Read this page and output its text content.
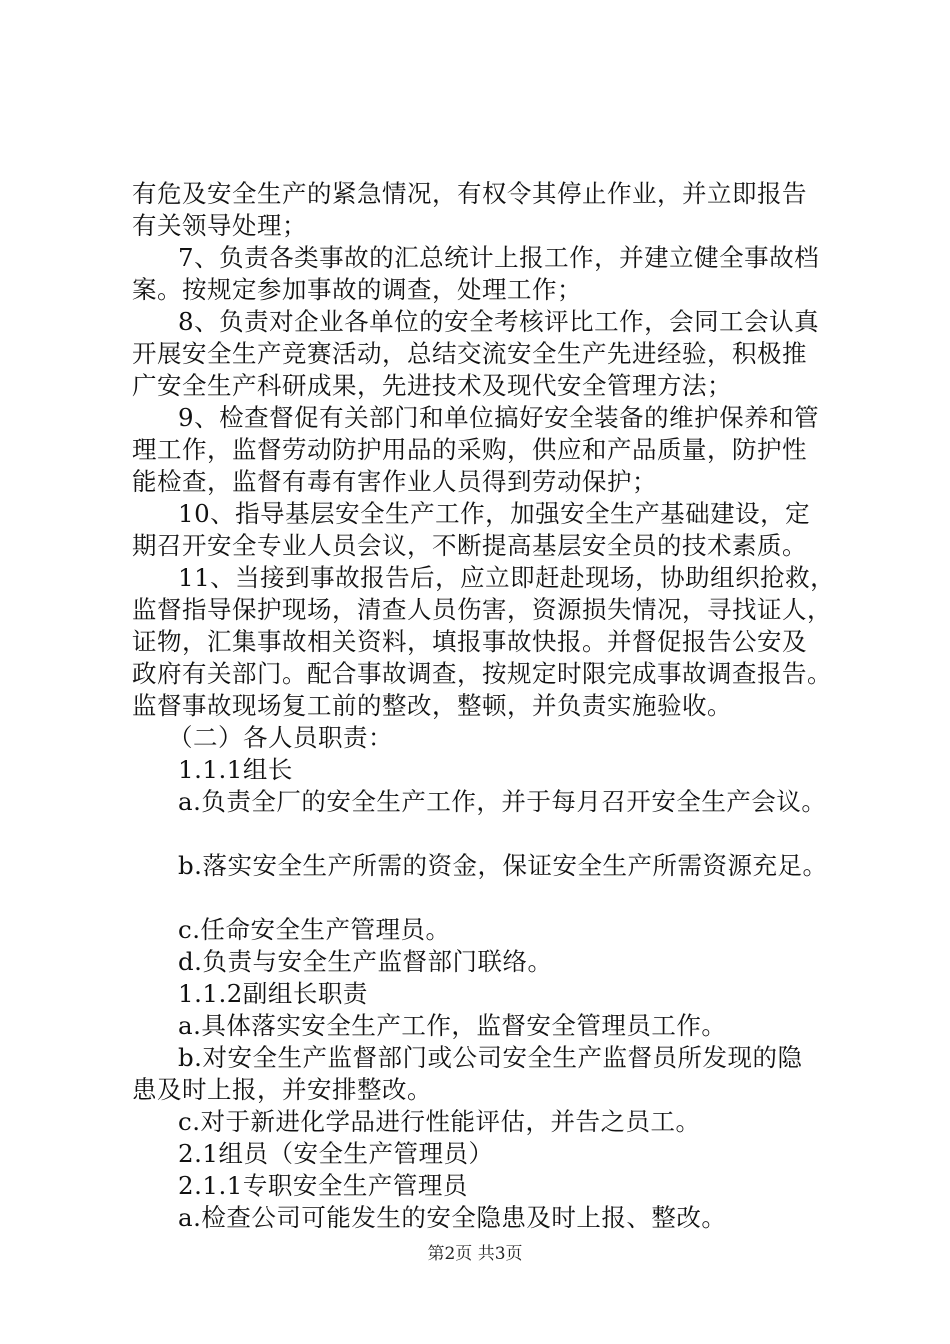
有危及安全生产的紧急情况，有权令其停止作业，并立即报告
有关领导处理；
7、负责各类事故的汇总统计上报工作，并建立健全事故档
案。按规定参加事故的调查，处理工作；
8、负责对企业各单位的安全考核评比工作，会同工会认真
开展安全生产竞赛活动，总结交流安全生产先进经验，积极推
广安全生产科研成果，先进技术及现代安全管理方法；
9、检查督促有关部门和单位搞好安全装备的维护保养和管
理工作，监督劳动防护用品的采购，供应和产品质量，防护性
能检查，监督有毒有害作业人员得到劳动保护；
10、指导基层安全生产工作，加强安全生产基础建设，定
期召开安全专业人员会议，不断提高基层安全员的技术素质。
11、当接到事故报告后，应立即赶赴现场，协助组织抢救，
监督指导保护现场，清查人员伤害，资源损失情况，寻找证人，
证物，汇集事故相关资料，填报事故快报。并督促报告公安及
政府有关部门。配合事故调查，按规定时限完成事故调查报告。
监督事故现场复工前的整改，整顿，并负责实施验收。
（二）各人员职责：
1.1.1组长
a.负责全厂的安全生产工作，并于每月召开安全生产会议。
b.落实安全生产所需的资金，保证安全生产所需资源充足。
c.任命安全生产管理员。
d.负责与安全生产监督部门联络。
1.1.2副组长职责
a.具体落实安全生产工作，监督安全管理员工作。
b.对安全生产监督部门或公司安全生产监督员所发现的隐
患及时上报，并安排整改。
c.对于新进化学品进行性能评估，并告之员工。
2.1组员（安全生产管理员）
2.1.1专职安全生产管理员
a.检查公司可能发生的安全隐患及时上报、整改。
第2页 共3页
